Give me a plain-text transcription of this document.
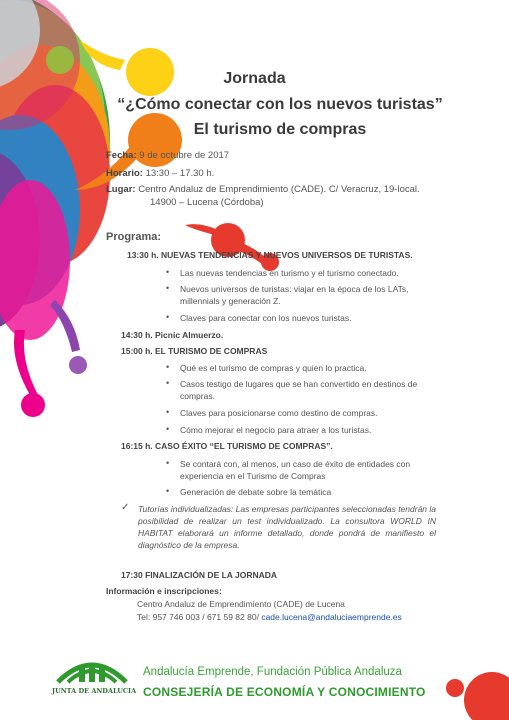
Jornada
“¿Cómo conectar con los nuevos turistas”
El turismo de compras
Fecha: 9 de octubre de 2017
Horario: 13:30 – 17.30 h.
Lugar: Centro Andaluz de Emprendimiento (CADE). C/ Veracruz, 19-local.
14900 – Lucena (Córdoba)
Programa:
13:30 h. NUEVAS TENDENCIAS Y NUEVOS UNIVERSOS DE TURISTAS.
• Las nuevas tendencias en turismo y el turismo conectado.
• Nuevos universos de turistas: viajar en la época de los LATs,
millennials y generación Z.
• Claves para conectar con los nuevos turistas.
14:30 h. Picnic Almuerzo.
15:00 h. EL TURISMO DE COMPRAS
• Qué es el turismo de compras y quien lo practica.
• Casos testigo de lugares que se han convertido en destinos de
compras.
• Claves para posicionarse como destino de compras.
• Cómo mejorar el negocio para atraer a los turistas.
16:15 h. CASO ÉXITO “EL TURISMO DE COMPRAS”.
• Se contará con, al menos, un caso de éxito de entidades con
experiencia en el Turismo de Compras
• Generación de debate sobre la temática
✓ Tutorías individualizadas: Las empresas participantes seleccionadas tendrán la posibilidad de realizar un test individualizado. La consultora WORLD IN HABITAT elaborará un informe detallado, donde pondrá de manifiesto el diagnóstico de la empresa.
17:30 FINALIZACIÓN DE LA JORNADA
Información e inscripciones:
Centro Andaluz de Emprendimiento (CADE) de Lucena
Tel: 957 746 003 / 671 59 82 80/ cade.lucena@andaluciaemprende.es
JUNTA DE ANDALUCIA
Andalucía Emprende, Fundación Pública Andaluza
CONSEJERÍA DE ECONOMÍA Y CONOCIMIENTO
